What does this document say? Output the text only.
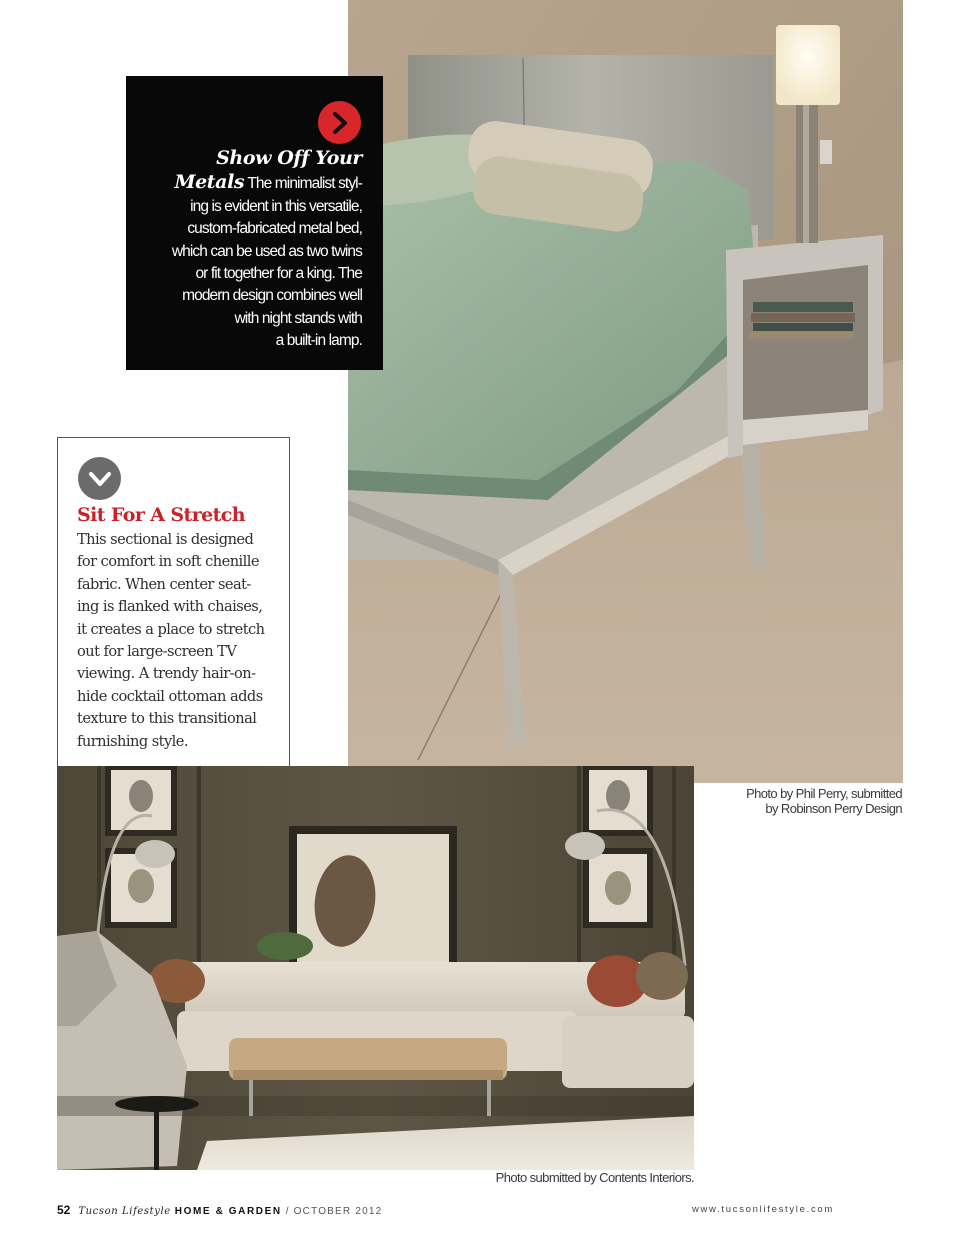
Photo by Phil Perry, submitted
by Robinson Perry Design
Show Off Your
Metals The minimalist styl-
ing is evident in this versatile,
custom-fabricated metal bed,
which can be used as two twins
or fit together for a king. The
modern design combines well
with night stands with
a built-in lamp.
Sit For A Stretch
This sectional is designed
for comfort in soft chenille
fabric. When center seat-
ing is flanked with chaises,
it creates a place to stretch
out for large-screen TV
viewing. A trendy hair-on-
hide cocktail ottoman adds
texture to this transitional
furnishing style.
Photo submitted by Contents Interiors.
52 Tucson Lifestyle HOME & GARDEN / OCTOBER 2012	www.tucsonlifestyle.com
